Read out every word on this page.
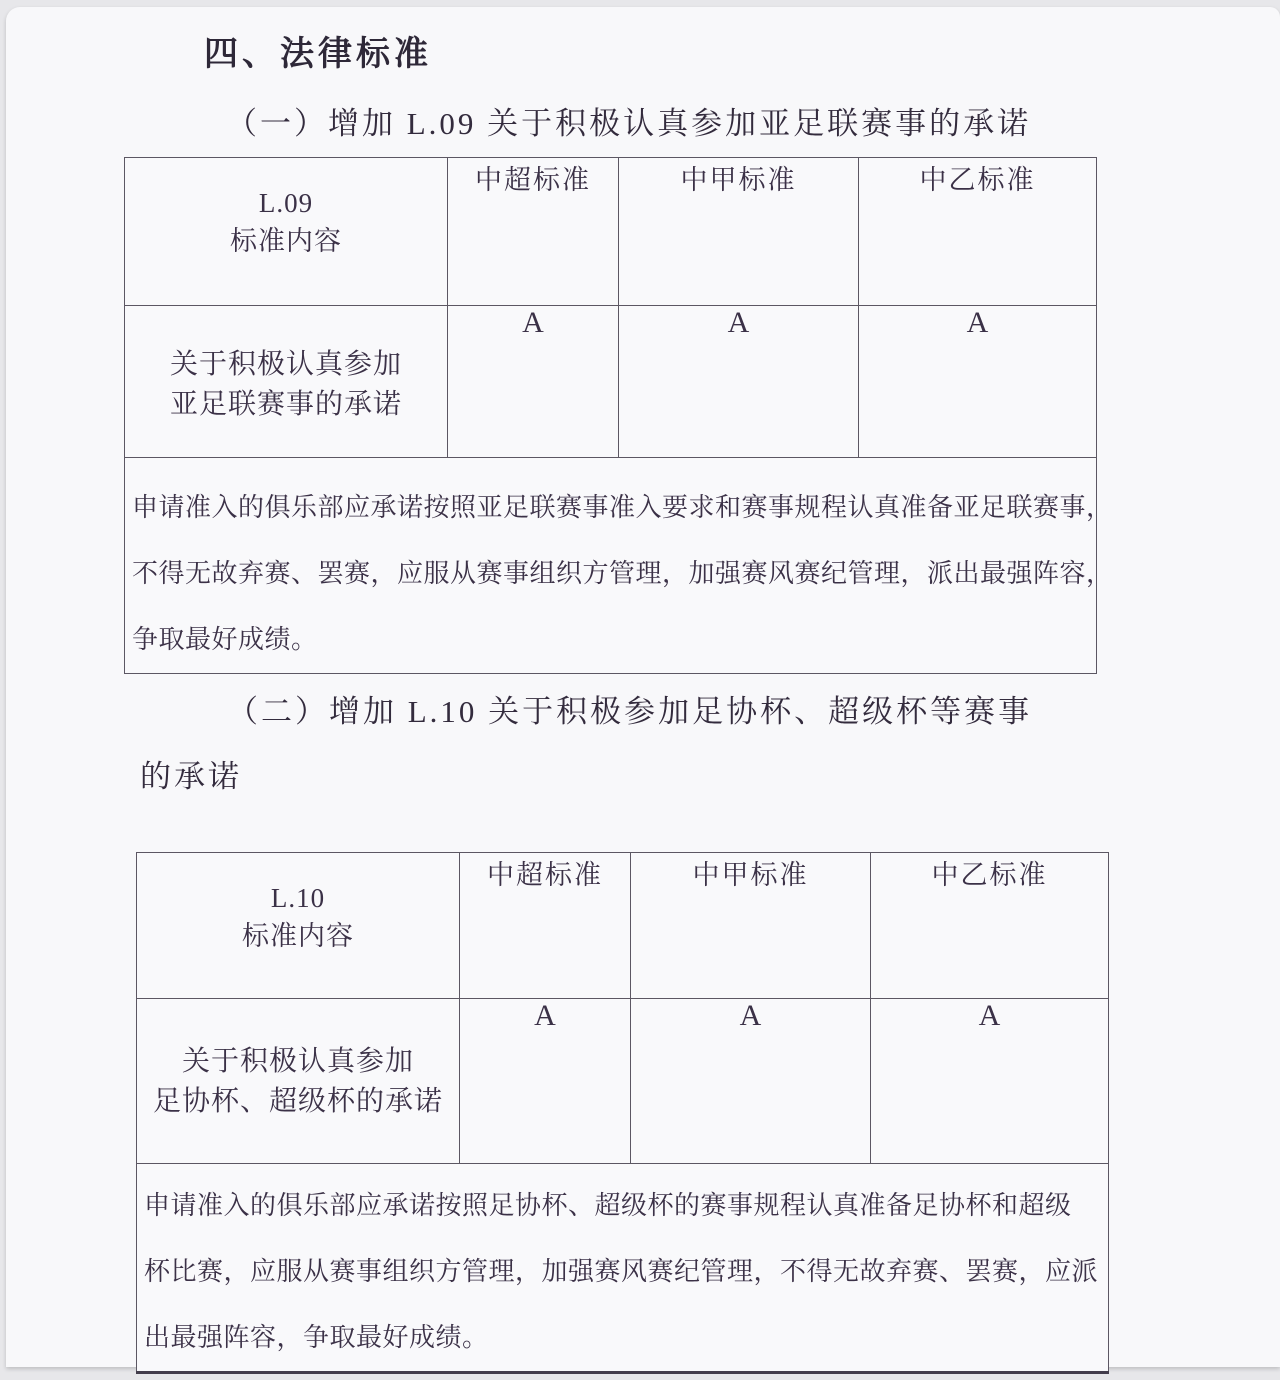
四、法律标准
（一）增加 L.09 关于积极认真参加亚足联赛事的承诺
L.09
标准内容	中超标准	中甲标准	中乙标准

关于积极认真参加
亚足联赛事的承诺	A	A	A

申请准入的俱乐部应承诺按照亚足联赛事准入要求和赛事规程认真准备亚足联赛事，
不得无故弃赛、罢赛，应服从赛事组织方管理，加强赛风赛纪管理，派出最强阵容，
争取最好成绩。			
（二）增加 L.10 关于积极参加足协杯、超级杯等赛事
的承诺
L.10
标准内容	中超标准	中甲标准	中乙标准

关于积极认真参加
足协杯、超级杯的承诺	A	A	A

申请准入的俱乐部应承诺按照足协杯、超级杯的赛事规程认真准备足协杯和超级
杯比赛，应服从赛事组织方管理，加强赛风赛纪管理，不得无故弃赛、罢赛，应派
出最强阵容，争取最好成绩。			
